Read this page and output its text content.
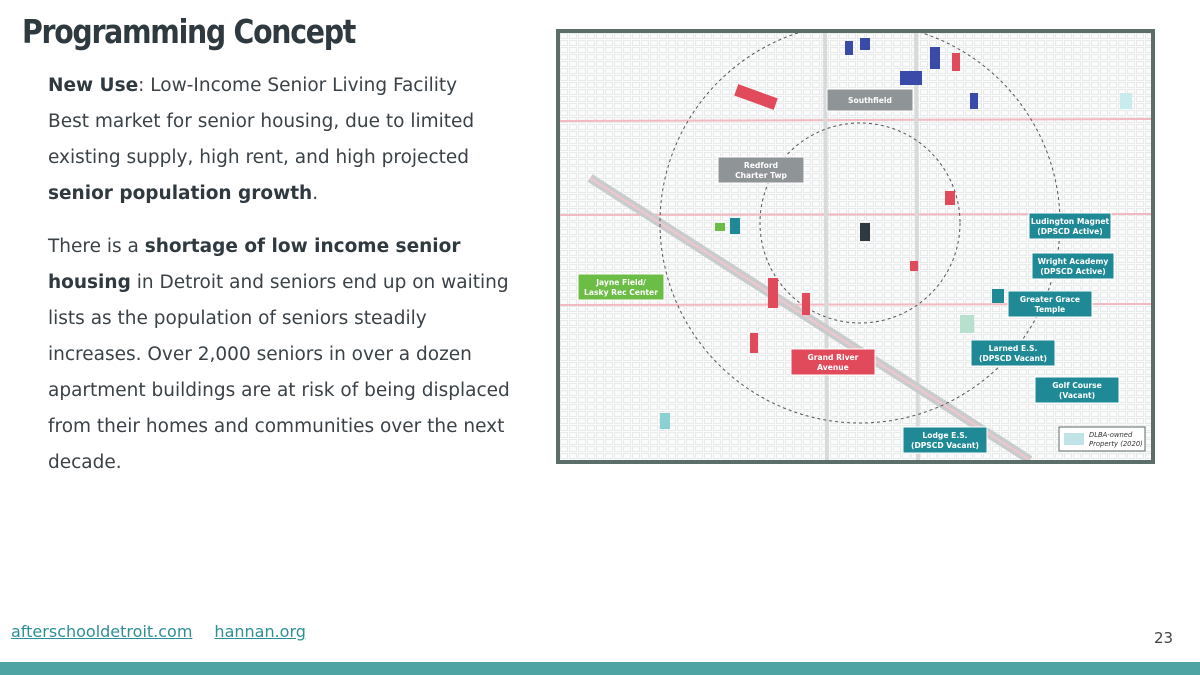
Programming Concept

New Use: Low-Income Senior Living Facility
Best market for senior housing, due to limited existing supply, high rent, and high projected senior population growth.

There is a shortage of low income senior housing in Detroit and seniors end up on waiting lists as the population of seniors steadily increases. Over 2,000 seniors in over a dozen apartment buildings are at risk of being displaced from their homes and communities over the next decade.

Southfield
Redford
Charter Twp
Jayne Field/
Lasky Rec Center
Ludington Magnet
(DPSCD Active)
Wright Academy
(DPSCD Active)
Greater Grace
Temple
Larned E.S.
(DPSCD Vacant)
Golf Course
(Vacant)
Lodge E.S.
(DPSCD Vacant)
Grand River
Avenue
DLBA-owned
Property (2020)
afterschooldetroit.com hannan.org	23
